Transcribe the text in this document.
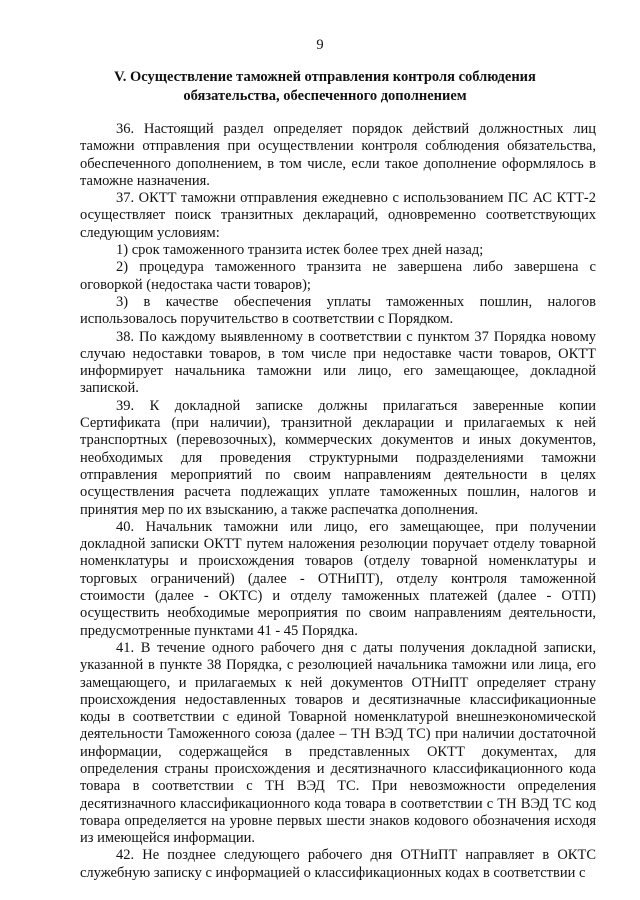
9
V. Осуществление таможней отправления контроля соблюдения обязательства, обеспеченного дополнением

36. Настоящий раздел определяет порядок действий должностных лиц таможни отправления при осуществлении контроля соблюдения обязательства, обеспеченного дополнением, в том числе, если такое дополнение оформлялось в таможне назначения.

37. ОКТТ таможни отправления ежедневно с использованием ПС АС КТТ-2 осуществляет поиск транзитных деклараций, одновременно соответствующих следующим условиям:

1) срок таможенного транзита истек более трех дней назад;

2) процедура таможенного транзита не завершена либо завершена с оговоркой (недостака части товаров);

3) в качестве обеспечения уплаты таможенных пошлин, налогов использовалось поручительство в соответствии с Порядком.

38. По каждому выявленному в соответствии с пунктом 37 Порядка новому случаю недоставки товаров, в том числе при недоставке части товаров, ОКТТ информирует начальника таможни или лицо, его замещающее, докладной запиской.

39. К докладной записке должны прилагаться заверенные копии Сертификата (при наличии), транзитной декларации и прилагаемых к ней транспортных (перевозочных), коммерческих документов и иных документов, необходимых для проведения структурными подразделениями таможни отправления мероприятий по своим направлениям деятельности в целях осуществления расчета подлежащих уплате таможенных пошлин, налогов и принятия мер по их взысканию, а также распечатка дополнения.

40. Начальник таможни или лицо, его замещающее, при получении докладной записки ОКТТ путем наложения резолюции поручает отделу товарной номенклатуры и происхождения товаров (отделу товарной номенклатуры и торговых ограничений) (далее - ОТНиПТ), отделу контроля таможенной стоимости (далее - ОКТС) и отделу таможенных платежей (далее - ОТП) осуществить необходимые мероприятия по своим направлениям деятельности, предусмотренные пунктами 41 - 45 Порядка.

41. В течение одного рабочего дня с даты получения докладной записки, указанной в пункте 38 Порядка, с резолюцией начальника таможни или лица, его замещающего, и прилагаемых к ней документов ОТНиПТ определяет страну происхождения недоставленных товаров и десятизначные классификационные коды в соответствии с единой Товарной номенклатурой внешнеэкономической деятельности Таможенного союза (далее – ТН ВЭД ТС) при наличии достаточной информации, содержащейся в представленных ОКТТ документах, для определения страны происхождения и десятизначного классификационного кода товара в соответствии с ТН ВЭД ТС. При невозможности определения десятизначного классификационного кода товара в соответствии с ТН ВЭД ТС код товара определяется на уровне первых шести знаков кодового обозначения исходя из имеющейся информации.

42. Не позднее следующего рабочего дня ОТНиПТ направляет в ОКТС служебную записку с информацией о классификационных кодах в соответствии с
